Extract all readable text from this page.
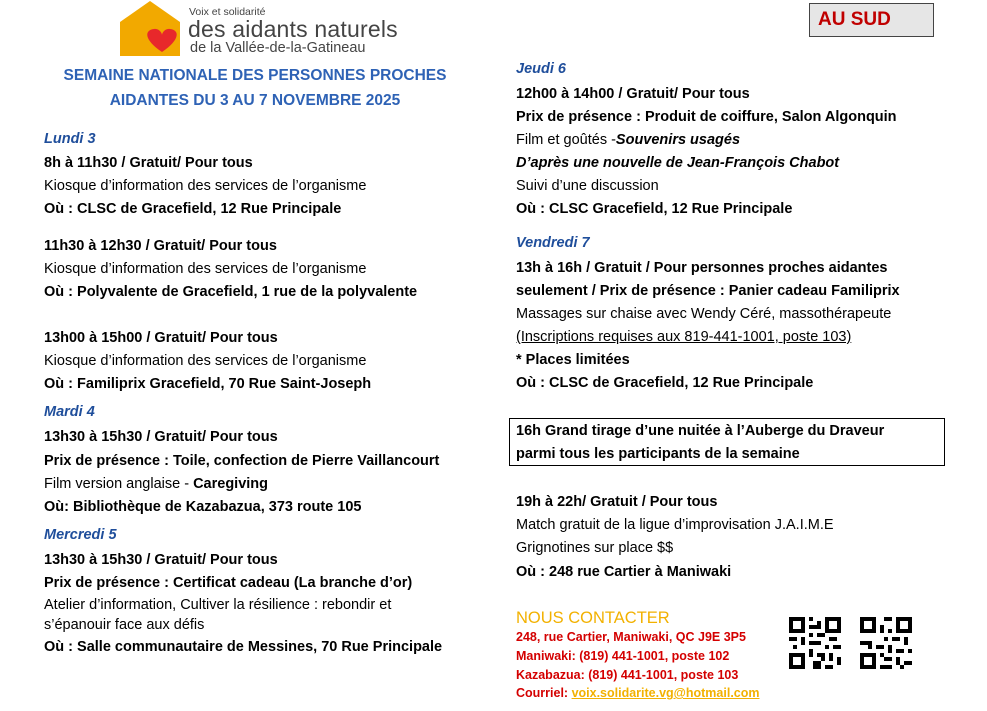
Voix et solidarité
des aidants naturels
de la Vallée-de-la-Gatineau
AU SUD
SEMAINE NATIONALE DES PERSONNES PROCHES
AIDANTES DU 3 AU 7 NOVEMBRE 2025
Lundi 3
8h à 11h30 / Gratuit/ Pour tous
Kiosque d’information des services de l’organisme
Où : CLSC de Gracefield, 12 Rue Principale
11h30 à 12h30 / Gratuit/ Pour tous
Kiosque d’information des services de l’organisme
Où : Polyvalente de Gracefield, 1 rue de la polyvalente
13h00 à 15h00 / Gratuit/ Pour tous
Kiosque d’information des services de l’organisme
Où : Familiprix Gracefield, 70 Rue Saint-Joseph
Mardi 4
13h30 à 15h30 / Gratuit/ Pour tous
Prix de présence : Toile, confection de Pierre Vaillancourt
Film version anglaise - Caregiving
Où: Bibliothèque de Kazabazua, 373 route 105
Mercredi 5
13h30 à 15h30 / Gratuit/ Pour tous
Prix de présence : Certificat cadeau (La branche d’or)
Atelier d’information, Cultiver la résilience : rebondir et
s’épanouir face aux défis
Où : Salle communautaire de Messines, 70 Rue Principale
Jeudi 6
12h00 à 14h00 / Gratuit/ Pour tous
Prix de présence : Produit de coiffure, Salon Algonquin
Film et goûtés -Souvenirs usagés
D’après une nouvelle de Jean-François Chabot
Suivi d’une discussion
Où : CLSC Gracefield, 12 Rue Principale
Vendredi 7
13h à 16h / Gratuit / Pour personnes proches aidantes
seulement / Prix de présence : Panier cadeau Familiprix
Massages sur chaise avec Wendy Céré, massothérapeute
(Inscriptions requises aux 819-441-1001, poste 103)
* Places limitées
Où : CLSC de Gracefield, 12 Rue Principale
16h Grand tirage d’une nuitée à l’Auberge du Draveur
parmi tous les participants de la semaine
19h à 22h/ Gratuit / Pour tous
Match gratuit de la ligue d’improvisation J.A.I.M.E
Grignotines sur place $$
Où : 248 rue Cartier à Maniwaki
NOUS CONTACTER
248, rue Cartier, Maniwaki, QC J9E 3P5
Maniwaki: (819) 441-1001, poste 102
Kazabazua: (819) 441-1001, poste 103
Courriel: voix.solidarite.vg@hotmail.com
